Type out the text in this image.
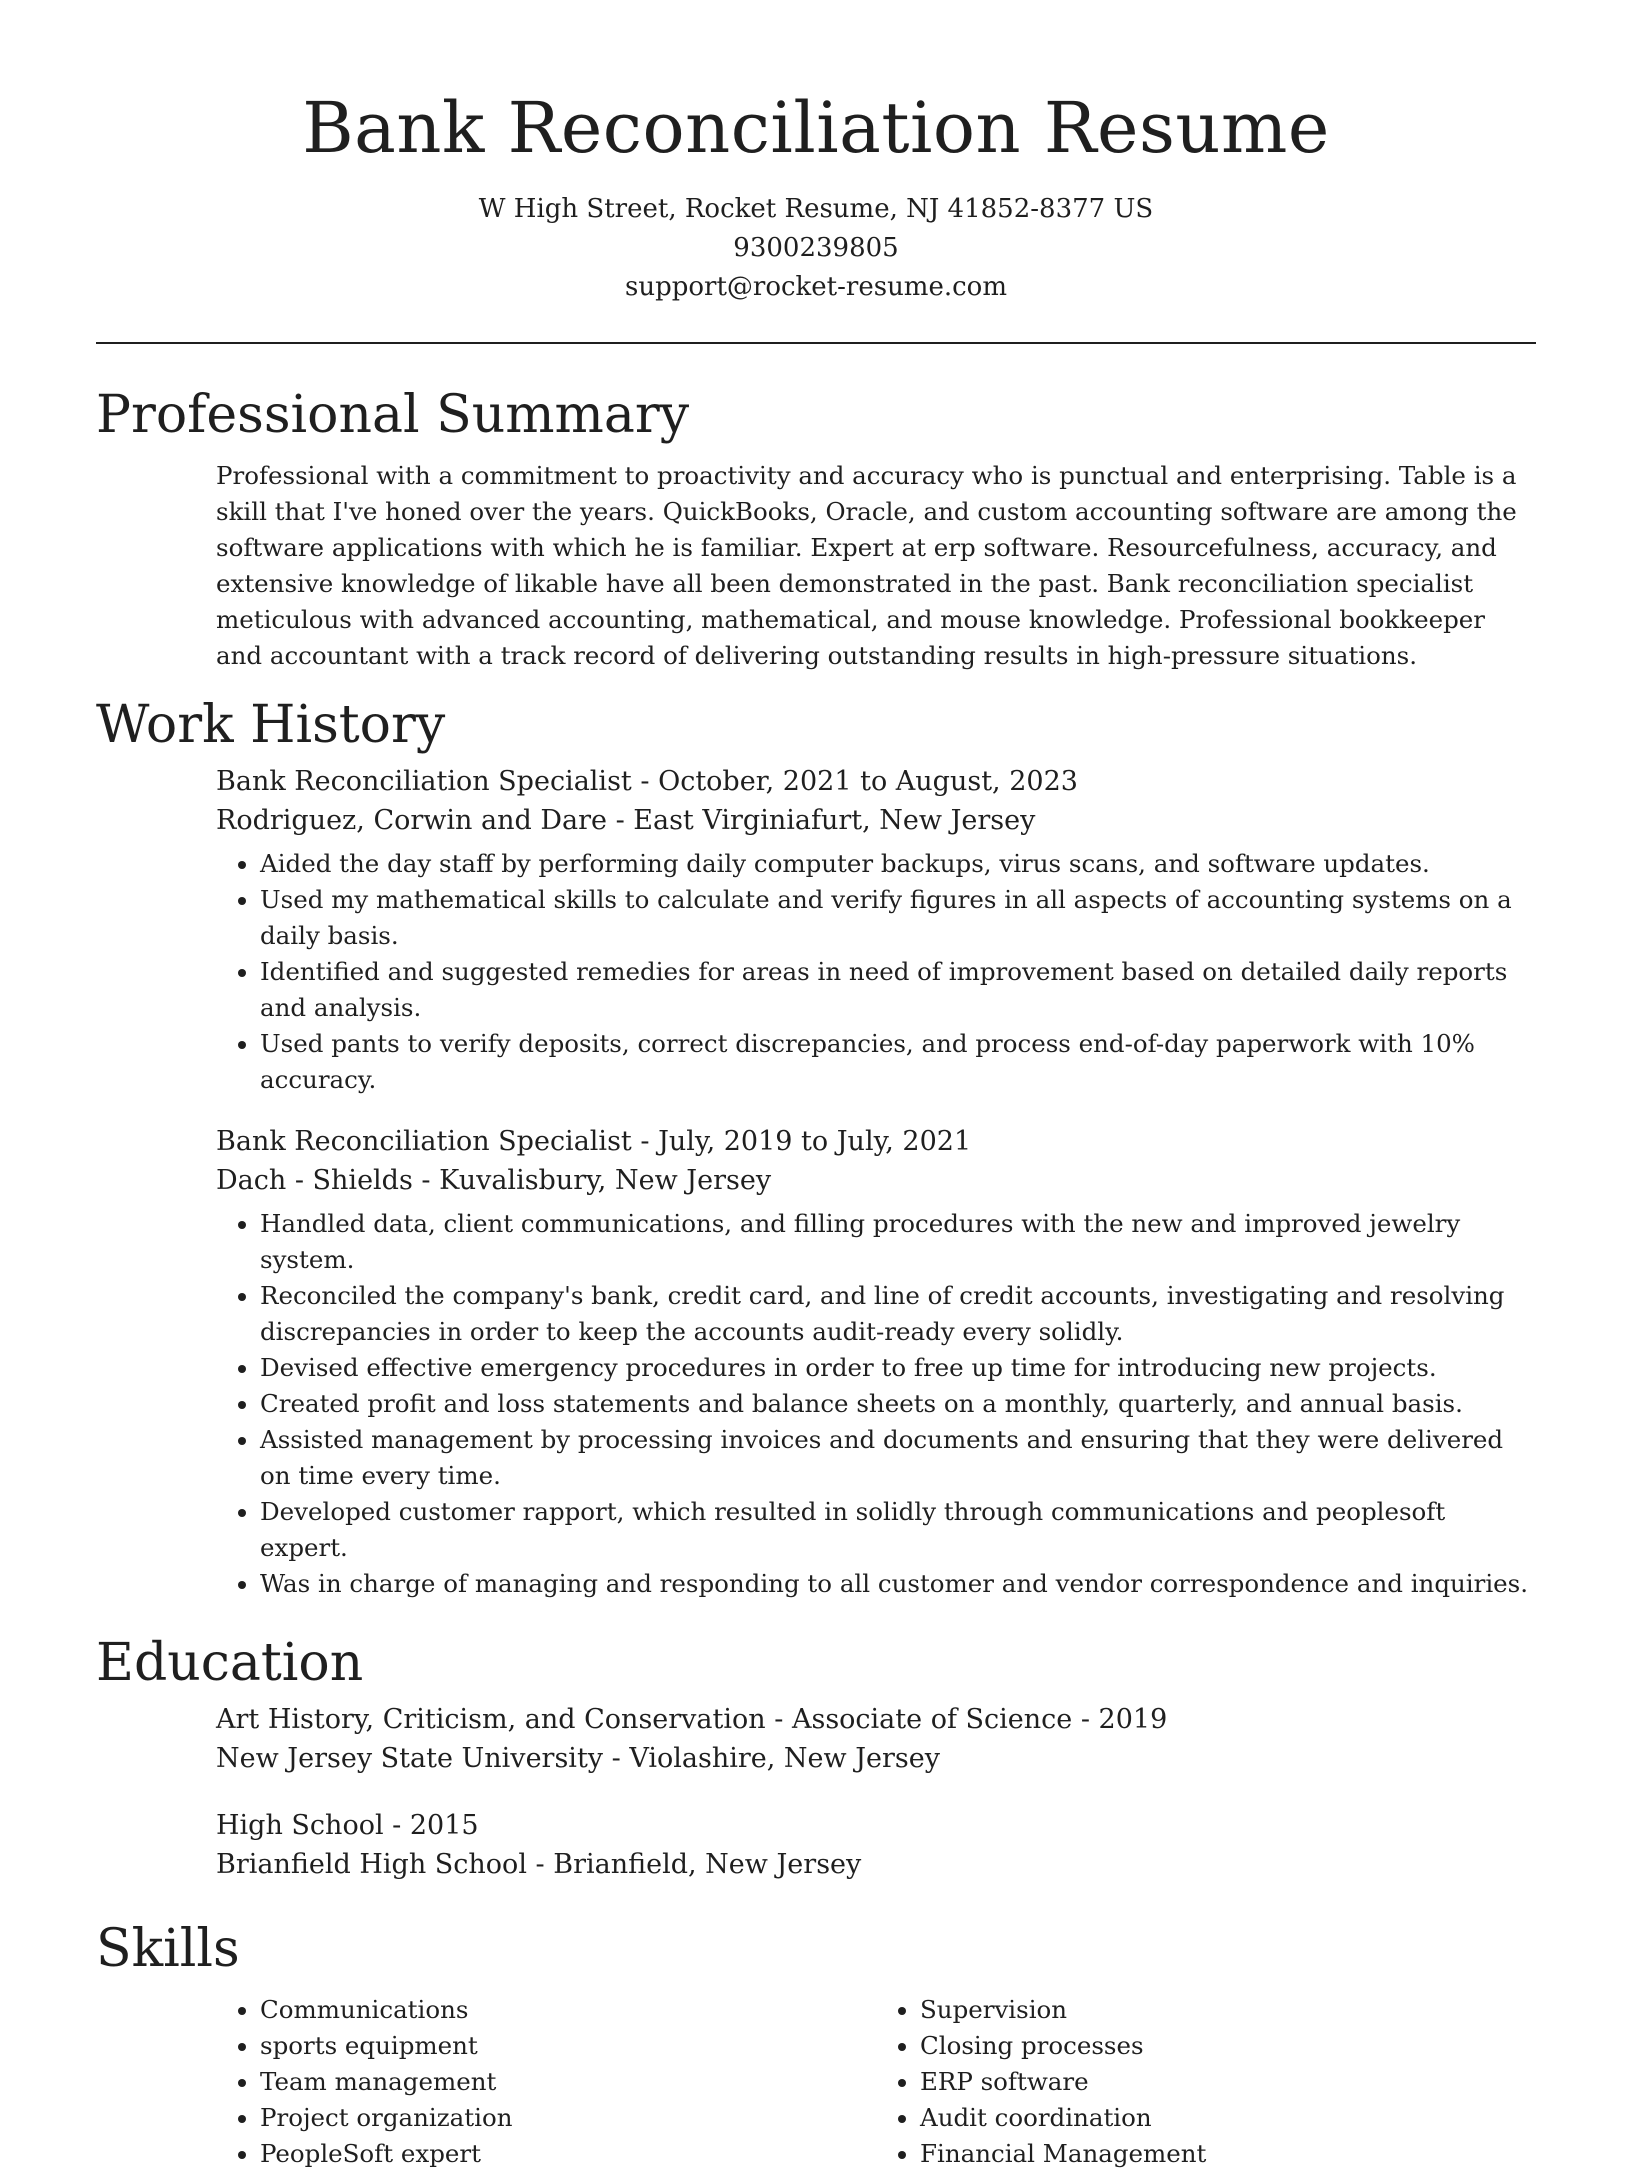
Bank Reconciliation Resume
W High Street, Rocket Resume, NJ 41852-8377 US
9300239805
support@rocket-resume.com
Professional Summary
Professional with a commitment to proactivity and accuracy who is punctual and enterprising. Table is a skill that I've honed over the years. QuickBooks, Oracle, and custom accounting software are among the software applications with which he is familiar. Expert at erp software. Resourcefulness, accuracy, and extensive knowledge of likable have all been demonstrated in the past. Bank reconciliation specialist meticulous with advanced accounting, mathematical, and mouse knowledge. Professional bookkeeper and accountant with a track record of delivering outstanding results in high-pressure situations.
Work History
Bank Reconciliation Specialist - October, 2021 to August, 2023
Rodriguez, Corwin and Dare - East Virginiafurt, New Jersey
• Aided the day staff by performing daily computer backups, virus scans, and software updates.
• Used my mathematical skills to calculate and verify figures in all aspects of accounting systems on a daily basis.
• Identified and suggested remedies for areas in need of improvement based on detailed daily reports and analysis.
• Used pants to verify deposits, correct discrepancies, and process end-of-day paperwork with 10% accuracy.
Bank Reconciliation Specialist - July, 2019 to July, 2021
Dach - Shields - Kuvalisbury, New Jersey
• Handled data, client communications, and filling procedures with the new and improved jewelry system.
• Reconciled the company's bank, credit card, and line of credit accounts, investigating and resolving discrepancies in order to keep the accounts audit-ready every solidly.
• Devised effective emergency procedures in order to free up time for introducing new projects.
• Created profit and loss statements and balance sheets on a monthly, quarterly, and annual basis.
• Assisted management by processing invoices and documents and ensuring that they were delivered on time every time.
• Developed customer rapport, which resulted in solidly through communications and peoplesoft expert.
• Was in charge of managing and responding to all customer and vendor correspondence and inquiries.
Education
Art History, Criticism, and Conservation - Associate of Science - 2019
New Jersey State University - Violashire, New Jersey
High School - 2015
Brianfield High School - Brianfield, New Jersey
Skills
• Communications
• sports equipment
• Team management
• Project organization
• PeopleSoft expert
• Supervision
• Closing processes
• ERP software
• Audit coordination
• Financial Management
